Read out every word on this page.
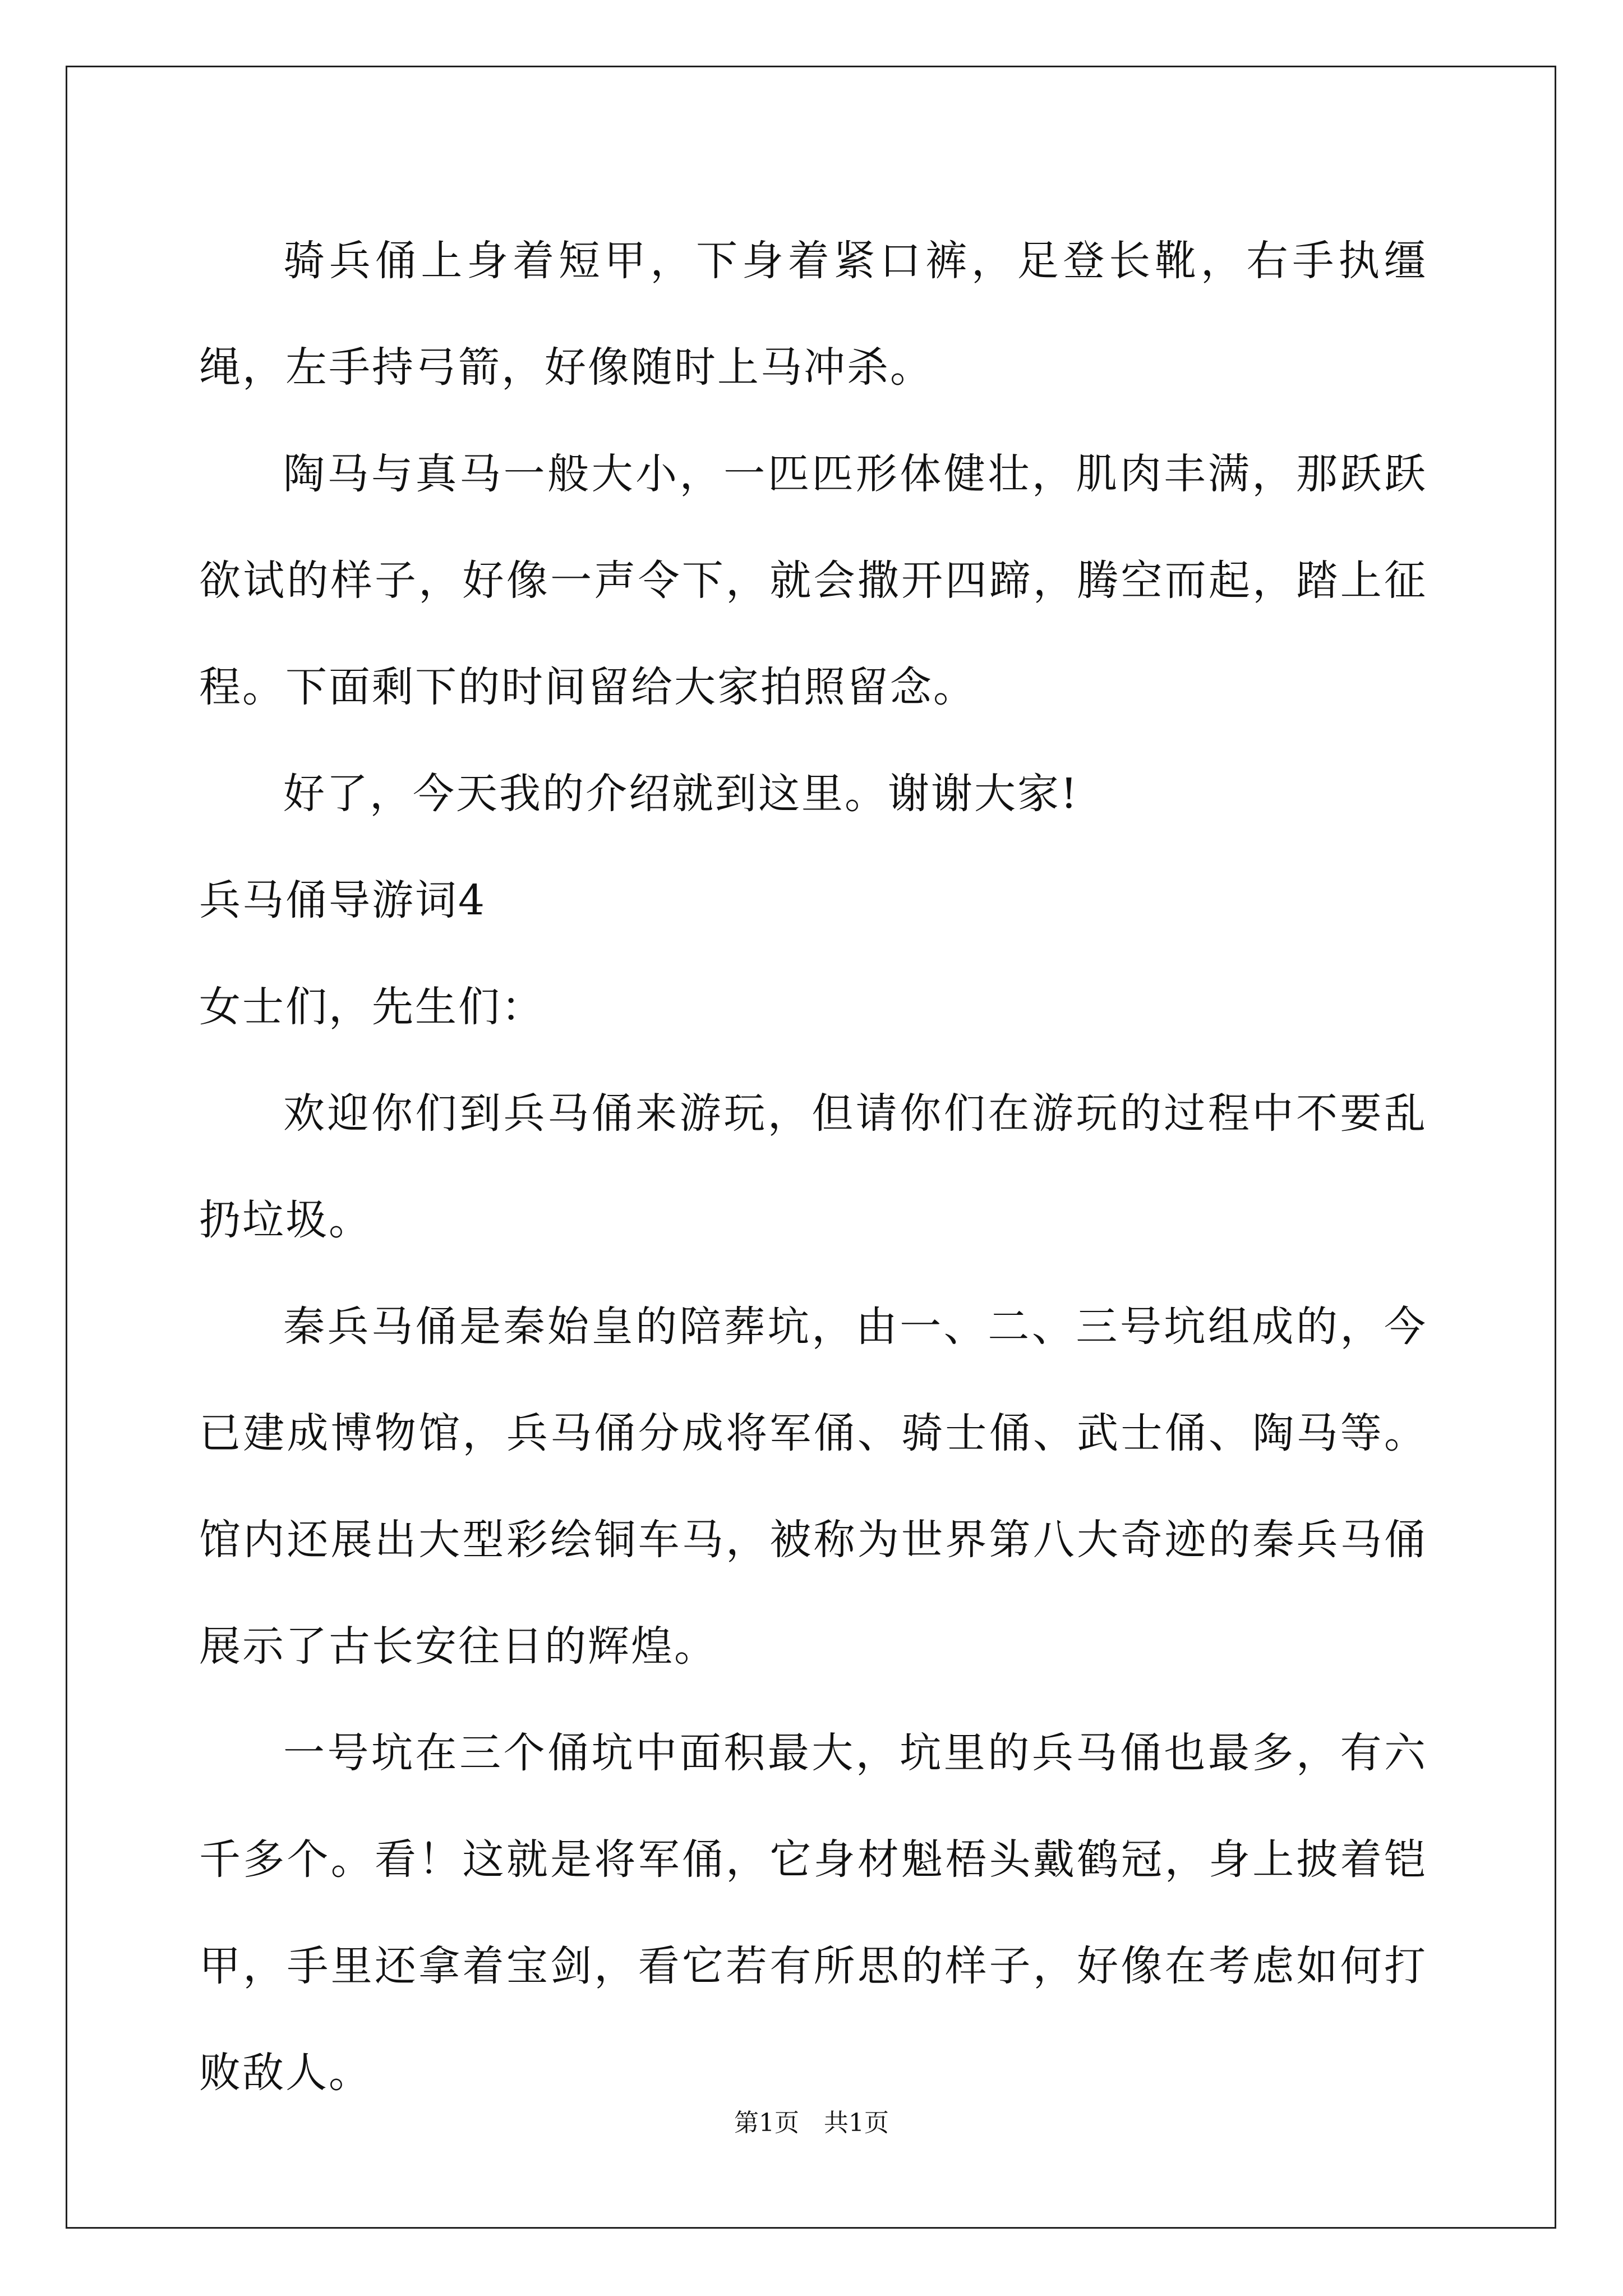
骑兵俑上身着短甲，下身着紧口裤，足登长靴，右手执缰绳，左手持弓箭，好像随时上马冲杀。

陶马与真马一般大小，一匹匹形体健壮，肌肉丰满，那跃跃欲试的样子，好像一声令下，就会撒开四蹄，腾空而起，踏上征程。下面剩下的时间留给大家拍照留念。

好了，今天我的介绍就到这里。谢谢大家!

兵马俑导游词4

女士们，先生们：

欢迎你们到兵马俑来游玩，但请你们在游玩的过程中不要乱扔垃圾。

秦兵马俑是秦始皇的陪葬坑，由一、二、三号坑组成的，今已建成博物馆，兵马俑分成将军俑、骑士俑、武士俑、陶马等。馆内还展出大型彩绘铜车马，被称为世界第八大奇迹的秦兵马俑展示了古长安往日的辉煌。

一号坑在三个俑坑中面积最大，坑里的兵马俑也最多，有六千多个。看！这就是将军俑，它身材魁梧头戴鹤冠，身上披着铠甲，手里还拿着宝剑，看它若有所思的样子，好像在考虑如何打败敌人。

第1页　共1页
